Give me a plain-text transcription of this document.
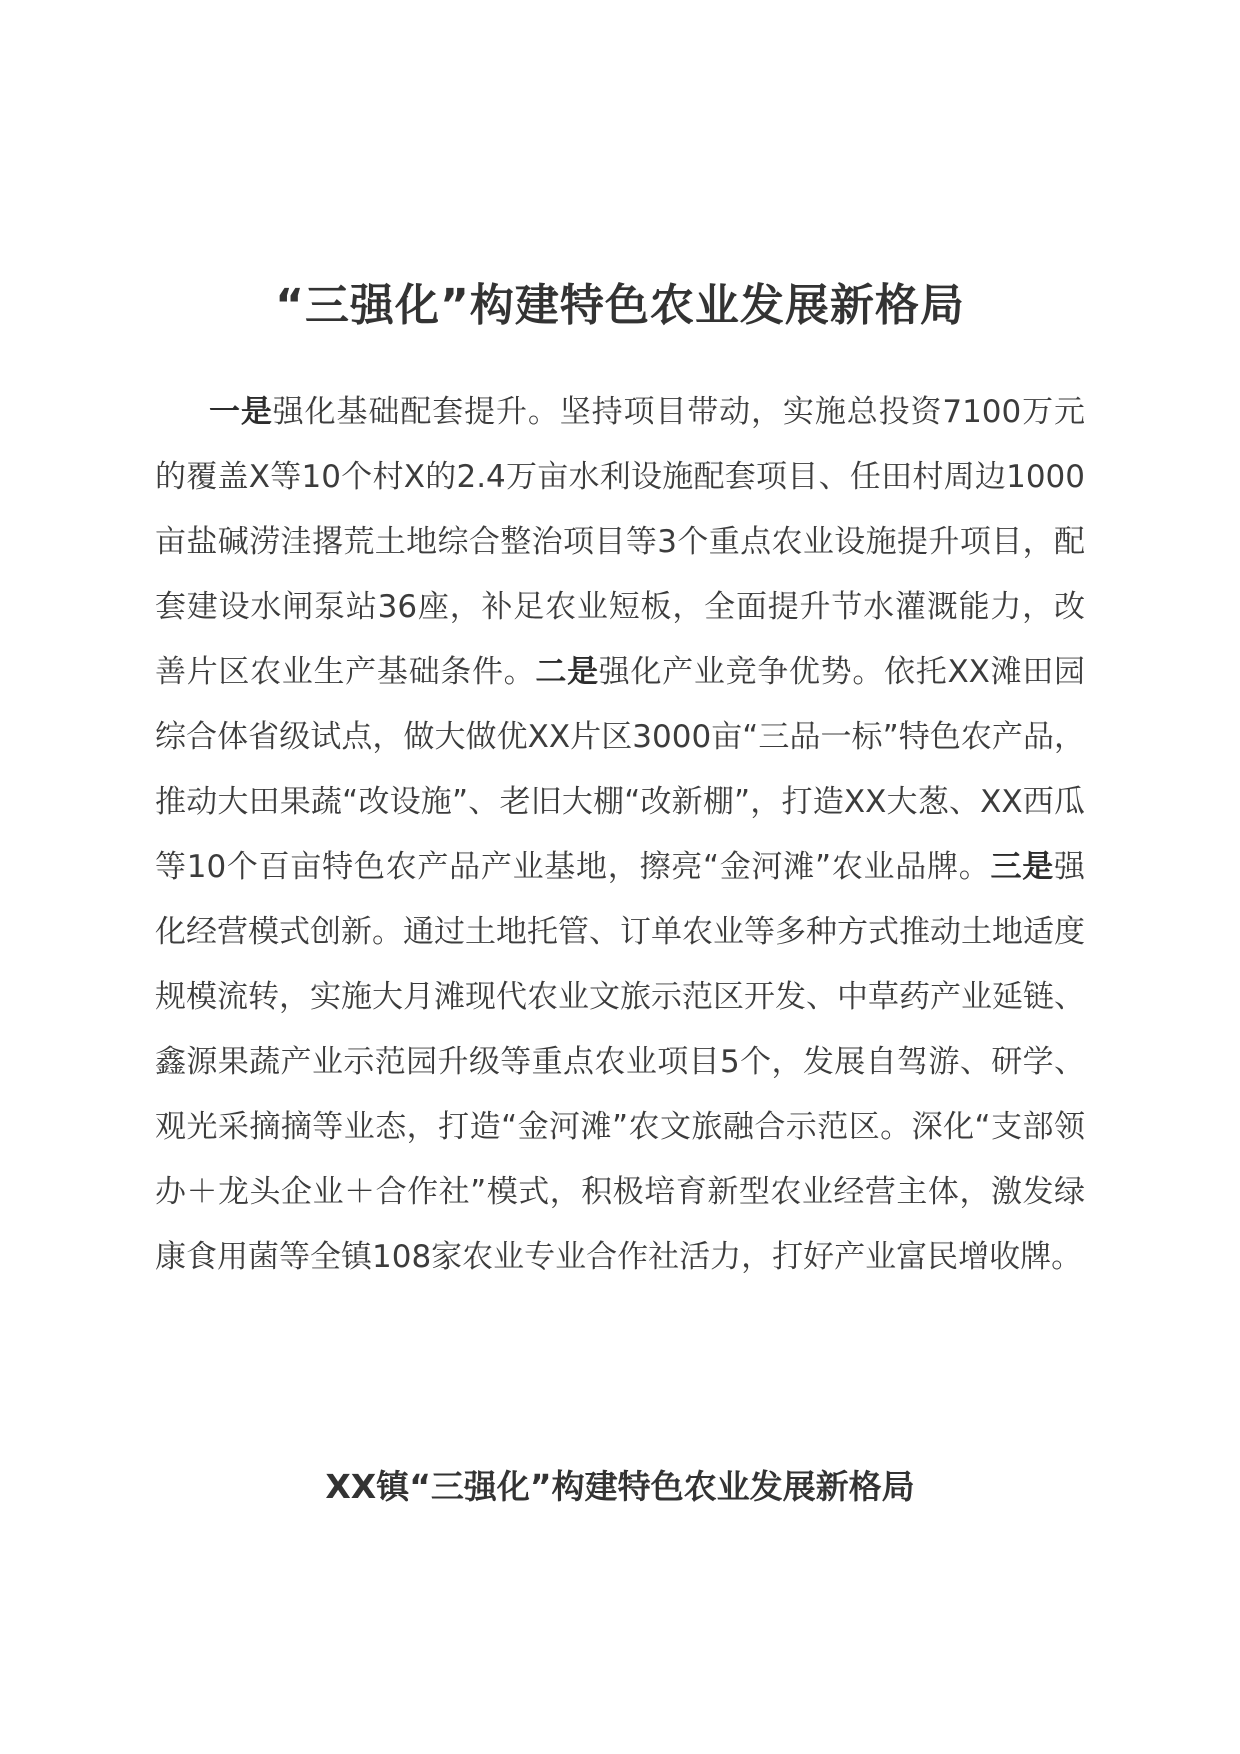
“三强化”构建特色农业发展新格局

一是强化基础配套提升。坚持项目带动，实施总投资7100万元的覆盖X等10个村X的2.4万亩水利设施配套项目、任田村周边1000亩盐碱涝洼撂荒土地综合整治项目等3个重点农业设施提升项目，配套建设水闸泵站36座，补足农业短板，全面提升节水灌溉能力，改善片区农业生产基础条件。二是强化产业竞争优势。依托XX滩田园综合体省级试点，做大做优XX片区3000亩“三品一标”特色农产品，推动大田果蔬“改设施”、老旧大棚“改新棚”，打造XX大葱、XX西瓜等10个百亩特色农产品产业基地，擦亮“金河滩”农业品牌。三是强化经营模式创新。通过土地托管、订单农业等多种方式推动土地适度规模流转，实施大月滩现代农业文旅示范区开发、中草药产业延链、鑫源果蔬产业示范园升级等重点农业项目5个，发展自驾游、研学、观光采摘摘等业态，打造“金河滩”农文旅融合示范区。深化“支部领办＋龙头企业＋合作社”模式，积极培育新型农业经营主体，激发绿康食用菌等全镇108家农业专业合作社活力，打好产业富民增收牌。

XX镇“三强化”构建特色农业发展新格局
